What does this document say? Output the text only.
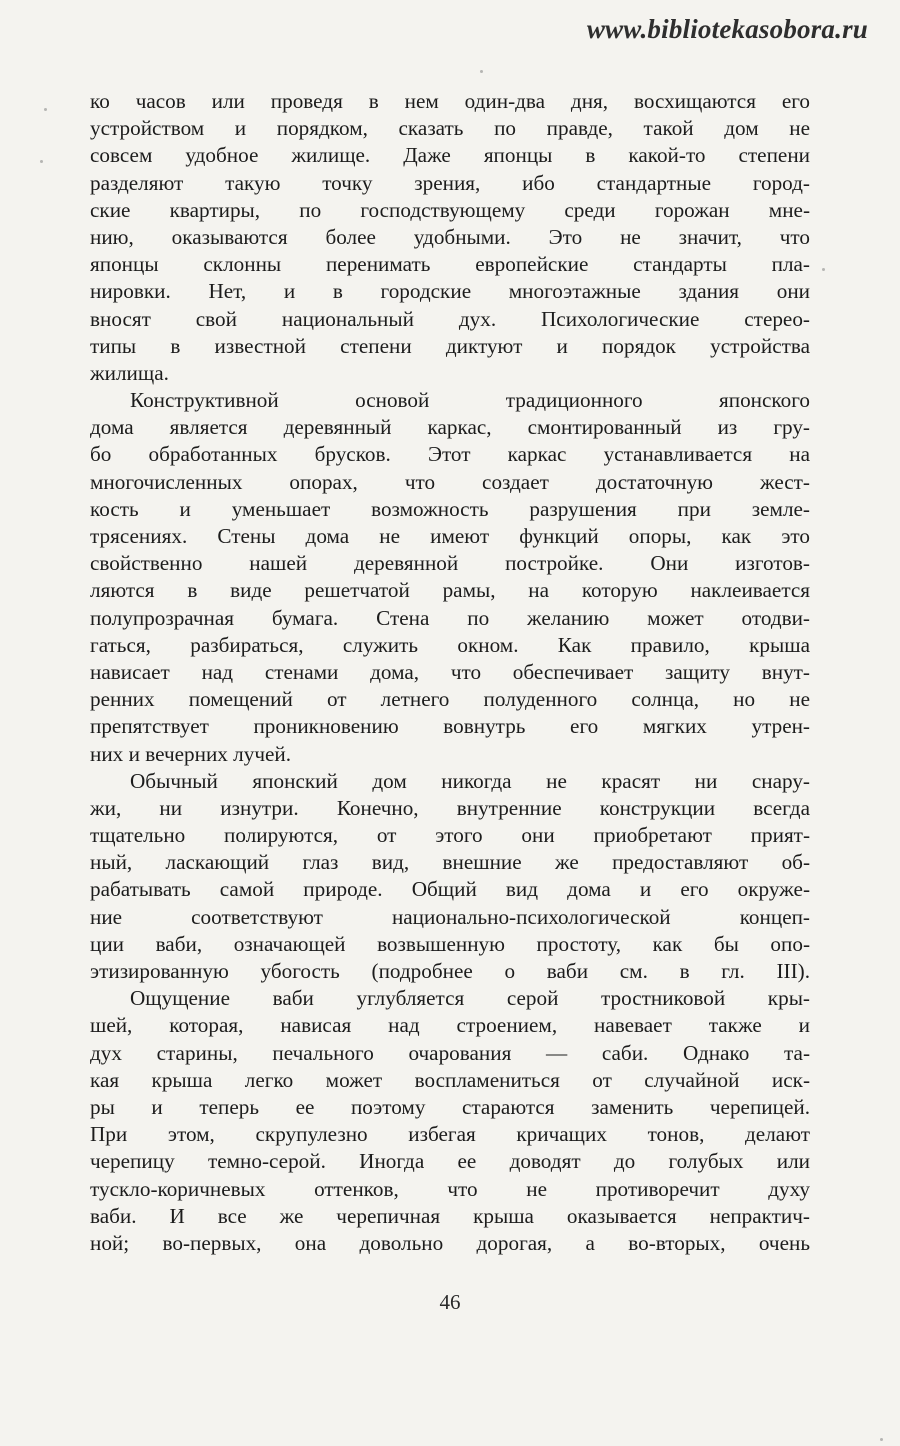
www.bibliotekasobora.ru
ко часов или проведя в нем один-два дня, восхищаются его
устройством и порядком, сказать по правде, такой дом не
совсем удобное жилище. Даже японцы в какой-то степени
разделяют такую точку зрения, ибо стандартные город-
ские квартиры, по господствующему среди горожан мне-
нию, оказываются более удобными. Это не значит, что
японцы склонны перенимать европейские стандарты пла-
нировки. Нет, и в городские многоэтажные здания они
вносят свой национальный дух. Психологические стерео-
типы в известной степени диктуют и порядок устройства
жилища.
Конструктивной основой традиционного японского
дома является деревянный каркас, смонтированный из гру-
бо обработанных брусков. Этот каркас устанавливается на
многочисленных опорах, что создает достаточную жест-
кость и уменьшает возможность разрушения при земле-
трясениях. Стены дома не имеют функций опоры, как это
свойственно нашей деревянной постройке. Они изготов-
ляются в виде решетчатой рамы, на которую наклеивается
полупрозрачная бумага. Стена по желанию может отодви-
гаться, разбираться, служить окном. Как правило, крыша
нависает над стенами дома, что обеспечивает защиту внут-
ренних помещений от летнего полуденного солнца, но не
препятствует проникновению вовнутрь его мягких утрен-
них и вечерних лучей.
Обычный японский дом никогда не красят ни снару-
жи, ни изнутри. Конечно, внутренние конструкции всегда
тщательно полируются, от этого они приобретают прият-
ный, ласкающий глаз вид, внешние же предоставляют об-
рабатывать самой природе. Общий вид дома и его окруже-
ние соответствуют национально-психологической концеп-
ции ваби, означающей возвышенную простоту, как бы опо-
этизированную убогость (подробнее о ваби см. в гл. III).
Ощущение ваби углубляется серой тростниковой кры-
шей, которая, нависая над строением, навевает также и
дух старины, печального очарования — саби. Однако та-
кая крыша легко может воспламениться от случайной иск-
ры и теперь ее поэтому стараются заменить черепицей.
При этом, скрупулезно избегая кричащих тонов, делают
черепицу темно-серой. Иногда ее доводят до голубых или
тускло-коричневых оттенков, что не противоречит духу
ваби. И все же черепичная крыша оказывается непрактич-
ной; во-первых, она довольно дорогая, а во-вторых, очень
46
